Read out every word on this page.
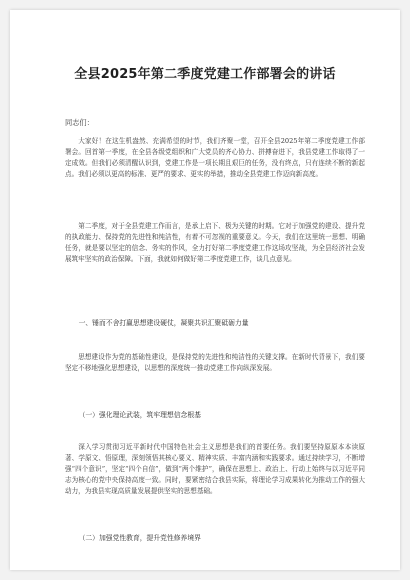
全县2025年第二季度党建工作部署会的讲话
同志们：

大家好！在这生机盎然、充满希望的时节，我们齐聚一堂，召开全县2025年第二季度党建工作部署会。回首第一季度，在全县各级党组织和广大党员的齐心协力、拼搏奋进下，我县党建工作取得了一定成效。但我们必须清醒认识到，党建工作是一项长期且艰巨的任务，没有终点，只有连续不断的新起点。我们必须以更高的标准、更严的要求、更实的举措，推动全县党建工作迈向新高度。

第二季度，对于全县党建工作而言，是承上启下、极为关键的时期。它对于加强党的建设、提升党的执政能力、保持党的先进性和纯洁性，有着不可忽视的重要意义。今天，我们在这里统一思想、明确任务，就是要以坚定的信念、务实的作风，全力打好第二季度党建工作这场攻坚战，为全县经济社会发展筑牢坚实的政治保障。下面，我就如何做好第二季度党建工作，谈几点意见。

一、锤而不舍打赢思想建设硬仗，凝聚共识汇聚砥砺力量

思想建设作为党的基础性建设，是保持党的先进性和纯洁性的关键支撑。在新时代背景下，我们要坚定不移地强化思想建设，以思想的深度统一推动党建工作向纵深发展。

（一）强化理论武装，筑牢理想信念根基

深入学习贯彻习近平新时代中国特色社会主义思想是我们的首要任务。我们要坚持原原本本读原著、学原文、悟原理，深刻领悟其核心要义、精神实质、丰富内涵和实践要求。通过持续学习，不断增强“四个意识”，坚定“四个自信”，做到“两个维护”，确保在思想上、政治上、行动上始终与以习近平同志为核心的党中央保持高度一致。同时，要紧密结合我县实际，将理论学习成果转化为推动工作的强大动力，为我县实现高质量发展提供坚实的思想基础。

（二）加强党性教育，提升党性修养境界
